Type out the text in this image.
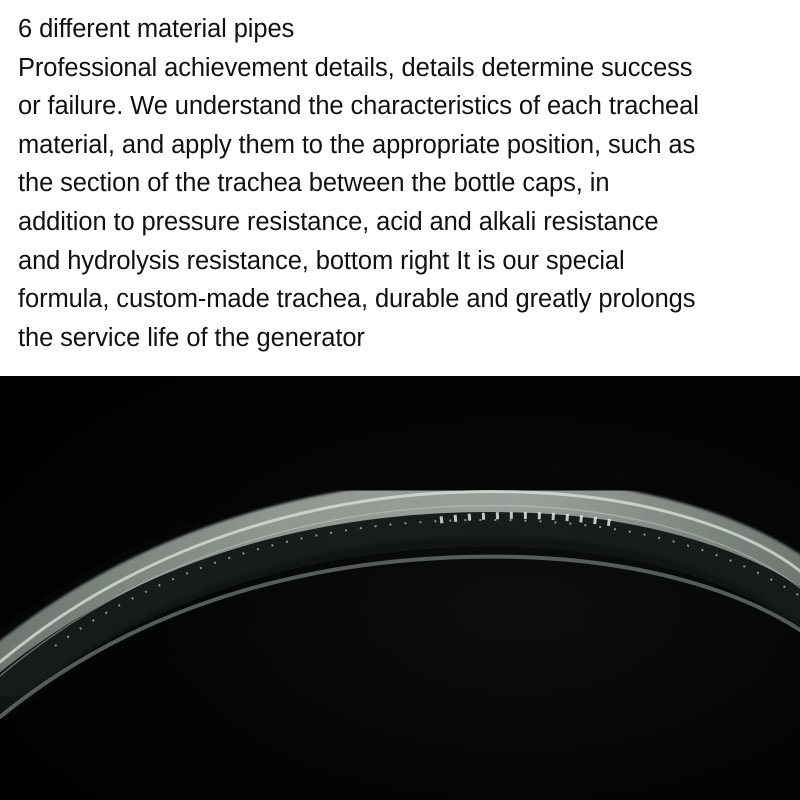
6 different material pipes
Professional achievement details, details determine success
or failure. We understand the characteristics of each tracheal
material, and apply them to the appropriate position, such as
the section of the trachea between the bottle caps, in
addition to pressure resistance, acid and alkali resistance
and hydrolysis resistance, bottom right It is our special
formula, custom-made trachea, durable and greatly prolongs
the service life of the generator
